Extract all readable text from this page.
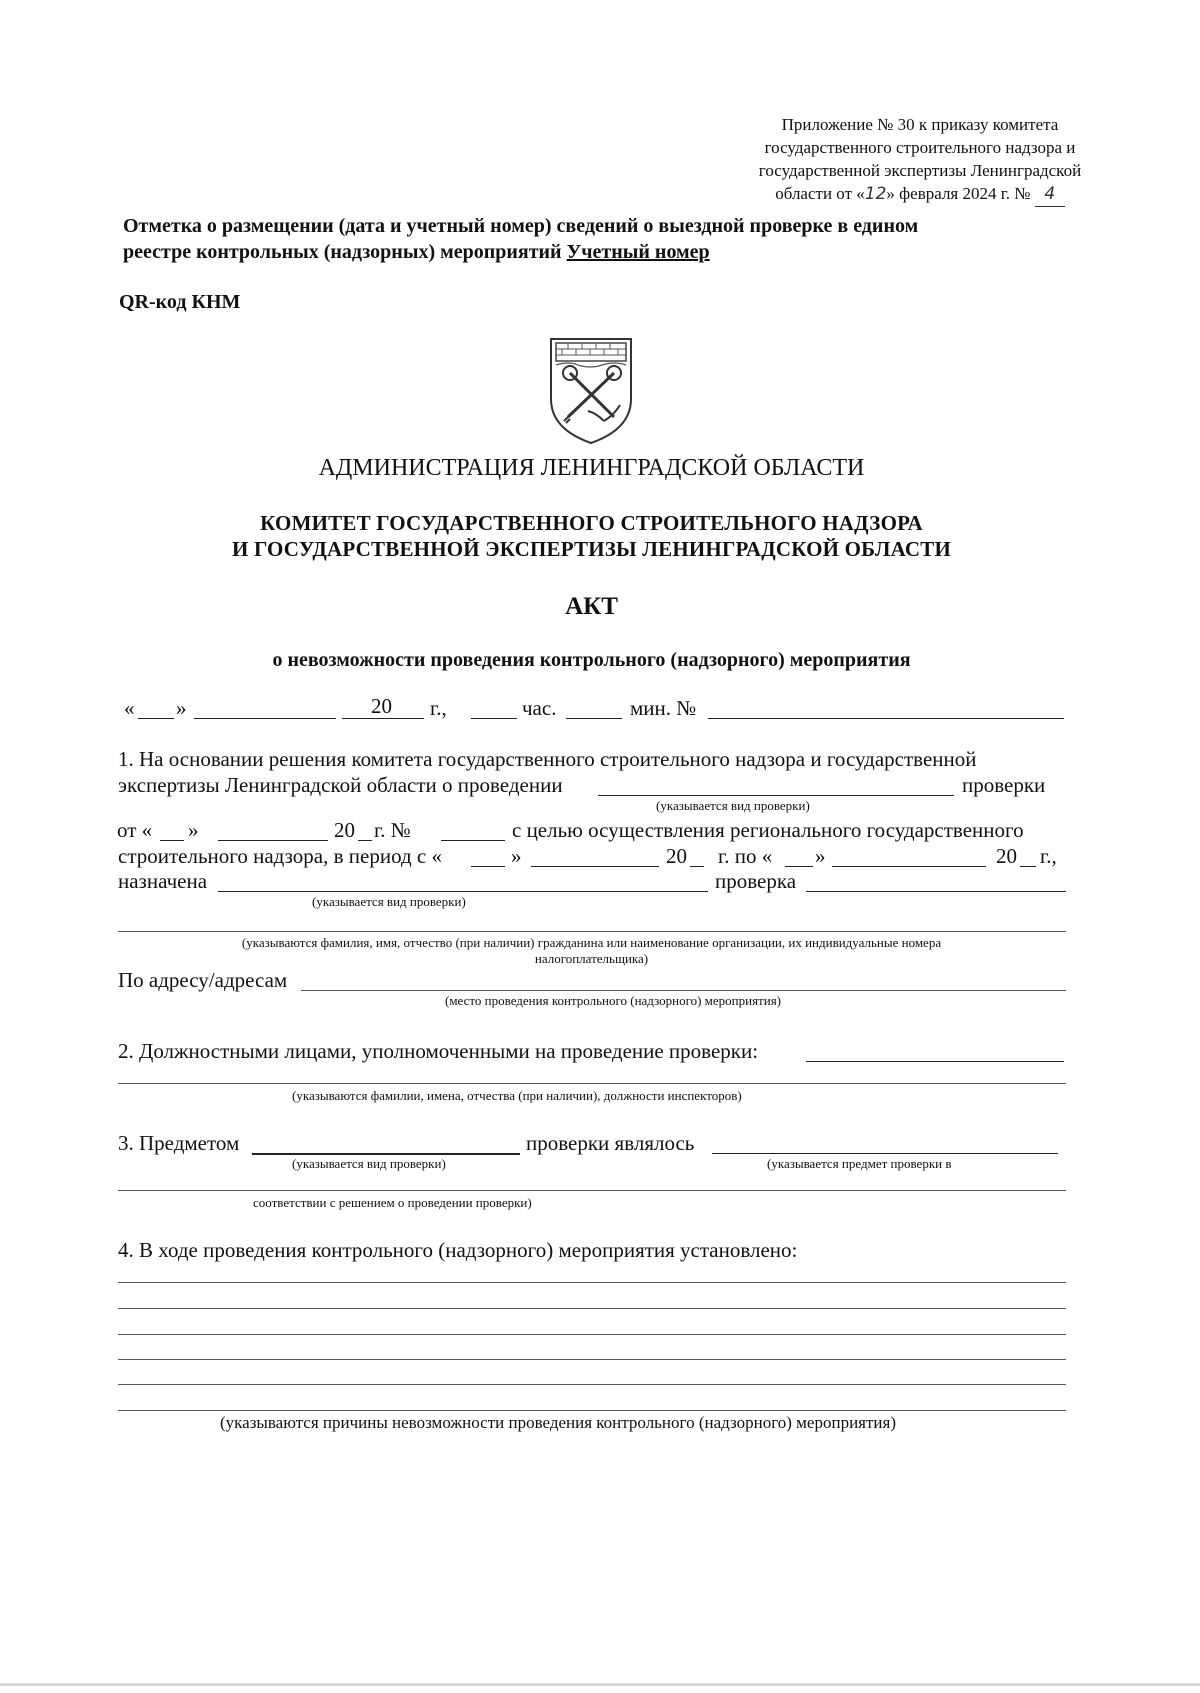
Приложение № 30 к приказу комитета
государственного строительного надзора и
государственной экспертизы Ленинградской
области от «12» февраля 2024 г. № 4
Отметка о размещении (дата и учетный номер) сведений о выездной проверке в едином
реестре контрольных (надзорных) мероприятий Учетный номер
QR-код КНМ
АДМИНИСТРАЦИЯ ЛЕНИНГРАДСКОЙ ОБЛАСТИ
КОМИТЕТ ГОСУДАРСТВЕННОГО СТРОИТЕЛЬНОГО НАДЗОРА
И ГОСУДАРСТВЕННОЙ ЭКСПЕРТИЗЫ ЛЕНИНГРАДСКОЙ ОБЛАСТИ
АКТ
о невозможности проведения контрольного (надзорного) мероприятия
« »	20 г.,	час.	мин. №
1. На основании решения комитета государственного строительного надзора и государственной
экспертизы Ленинградской области о проведении	проверки
(указывается вид проверки)
от « »	20 г. №	с целью осуществления регионального государственного
строительного надзора, в период с «	»	20 г. по « »	20 г.,
назначена	проверка
(указывается вид проверки)
(указываются фамилия, имя, отчество (при наличии) гражданина или наименование организации, их индивидуальные номера
налогоплательщика)
По адресу/адресам
(место проведения контрольного (надзорного) мероприятия)
2. Должностными лицами, уполномоченными на проведение проверки:
(указываются фамилии, имена, отчества (при наличии), должности инспекторов)
3. Предметом	проверки являлось
(указывается вид проверки)	(указывается предмет проверки в
соответствии с решением о проведении проверки)
4. В ходе проведения контрольного (надзорного) мероприятия установлено:
(указываются причины невозможности проведения контрольного (надзорного) мероприятия)
